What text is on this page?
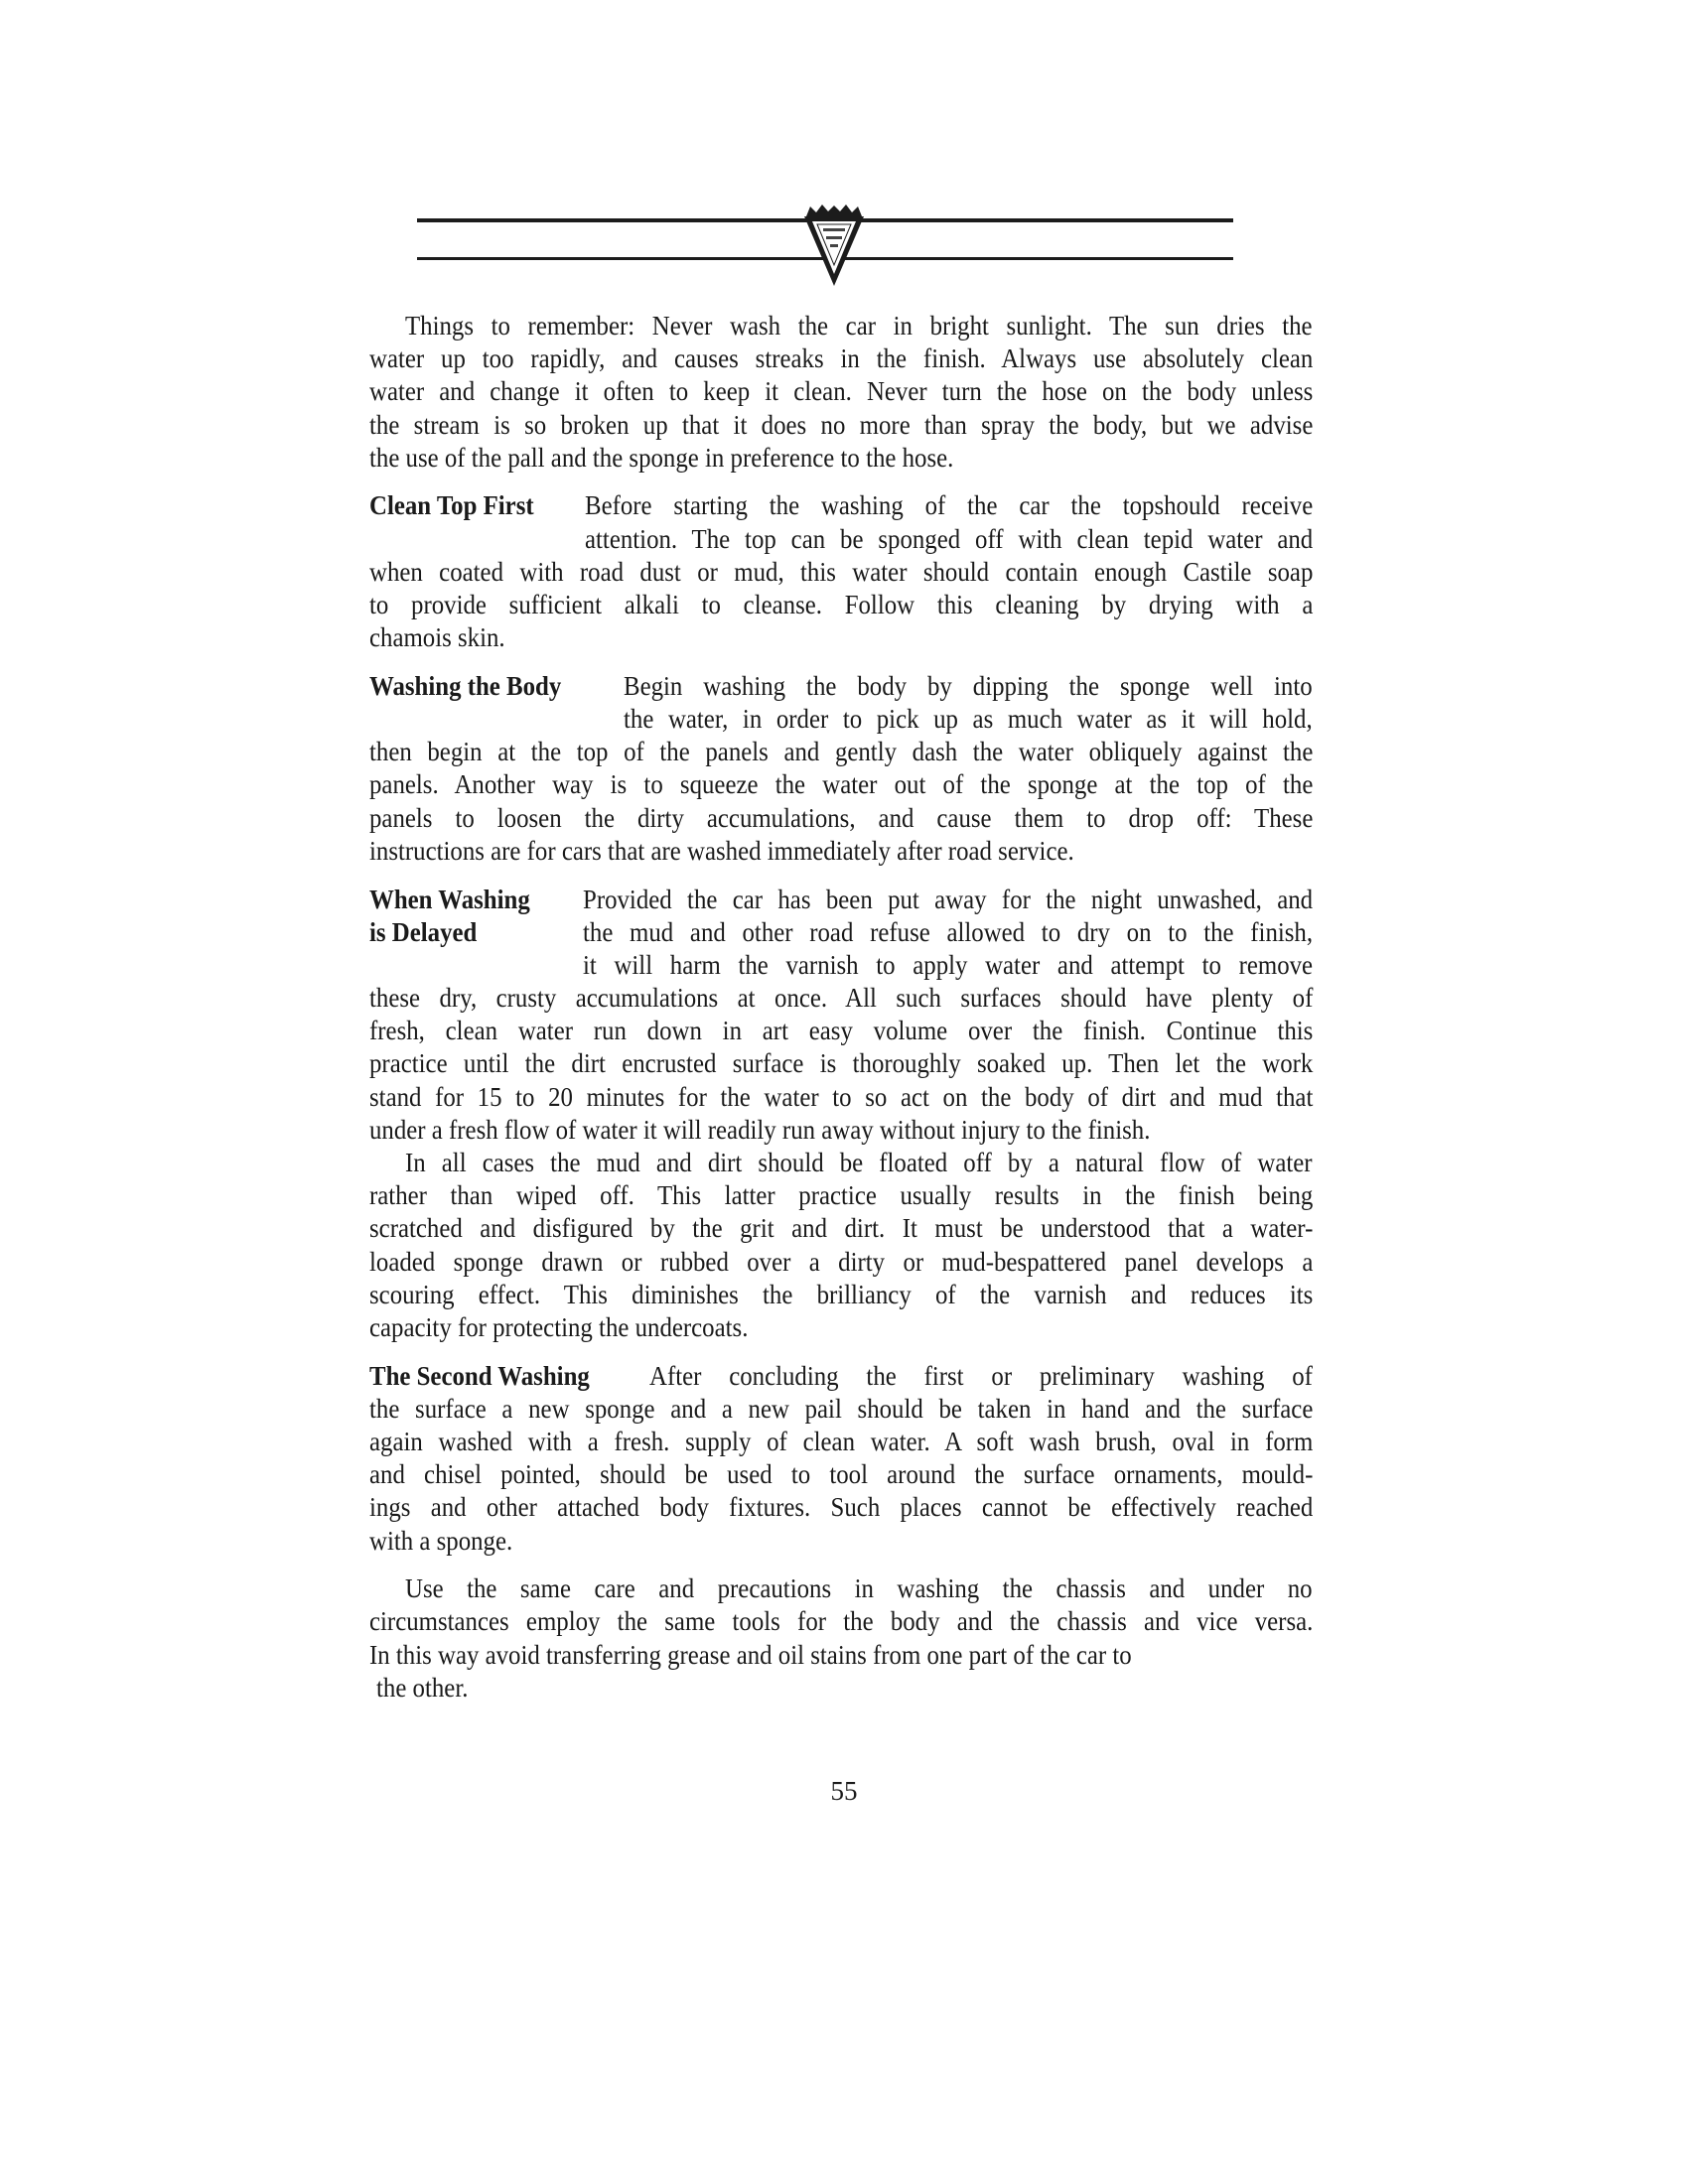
Things to remember: Never wash the car in bright sunlight. The sun dries the
water up too rapidly, and causes streaks in the finish. Always use absolutely clean
water and change it often to keep it clean. Never turn the hose on the body unless
the stream is so broken up that it does no more than spray the body, but we advise
the use of the pall and the sponge in preference to the hose.
Clean Top First Before starting the washing of the car the topshould receive
attention. The top can be sponged off with clean tepid water and
when coated with road dust or mud, this water should contain enough Castile soap
to provide sufficient alkali to cleanse. Follow this cleaning by drying with a
chamois skin.
Washing the Body Begin washing the body by dipping the sponge well into
the water, in order to pick up as much water as it will hold,
then begin at the top of the panels and gently dash the water obliquely against the
panels. Another way is to squeeze the water out of the sponge at the top of the
panels to loosen the dirty accumulations, and cause them to drop off: These
instructions are for cars that are washed immediately after road service.
When Washing
is Delayed
Provided the car has been put away for the night unwashed, and
the mud and other road refuse allowed to dry on to the finish,
it will harm the varnish to apply water and attempt to remove
these dry, crusty accumulations at once. All such surfaces should have plenty of
fresh, clean water run down in art easy volume over the finish. Continue this
practice until the dirt encrusted surface is thoroughly soaked up. Then let the work
stand for 15 to 20 minutes for the water to so act on the body of dirt and mud that
under a fresh flow of water it will readily run away without injury to the finish.
In all cases the mud and dirt should be floated off by a natural flow of water
rather than wiped off. This latter practice usually results in the finish being
scratched and disfigured by the grit and dirt. It must be understood that a water-
loaded sponge drawn or rubbed over a dirty or mud-bespattered panel develops a
scouring effect. This diminishes the brilliancy of the varnish and reduces its
capacity for protecting the undercoats.
The Second Washing After concluding the first or preliminary washing of
the surface a new sponge and a new pail should be taken in hand and the surface
again washed with a fresh. supply of clean water. A soft wash brush, oval in form
and chisel pointed, should be used to tool around the surface ornaments, mould-
ings and other attached body fixtures. Such places cannot be effectively reached
with a sponge.
Use the same care and precautions in washing the chassis and under no
circumstances employ the same tools for the body and the chassis and vice versa.
In this way avoid transferring grease and oil stains from one part of the car to
the other.
55
